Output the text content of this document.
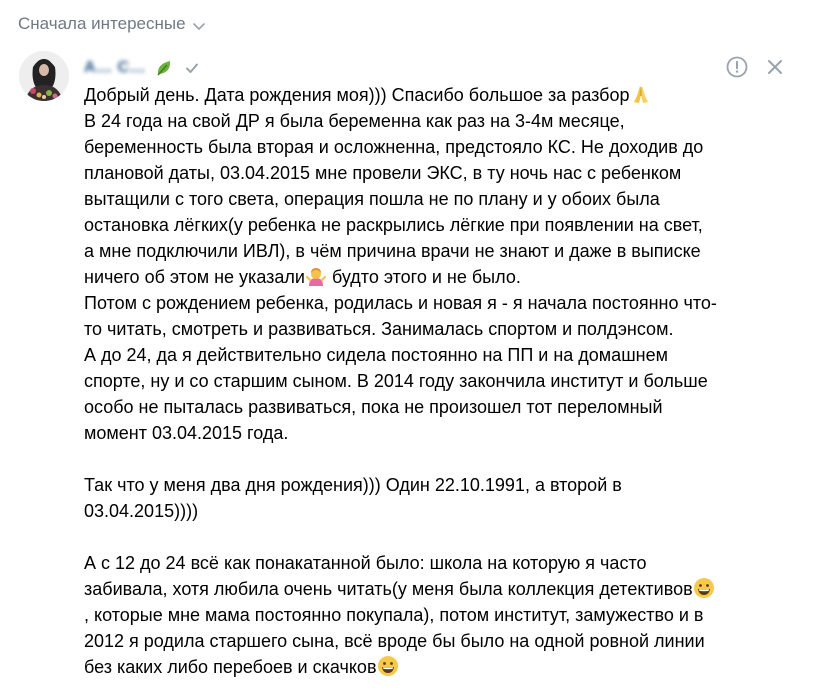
Сначала интересные
А… С…

Добрый день. Дата рождения моя))) Спасибо большое за разбор

В 24 года на свой ДР я была беременна как раз на 3-4м месяце,

беременность была вторая и осложненна, предстояло КС. Не доходив до

плановой даты, 03.04.2015 мне провели ЭКС, в ту ночь нас с ребенком

вытащили с того света, операция пошла не по плану и у обоих была

остановка лёгких(у ребенка не раскрылись лёгкие при появлении на свет,

а мне подключили ИВЛ), в чём причина врачи не знают и даже в выписке

ничего об этом не указали будто этого и не было.

Потом с рождением ребенка, родилась и новая я - я начала постоянно что-

то читать, смотреть и развиваться. Занималась спортом и полдэнсом.

А до 24, да я действительно сидела постоянно на ПП и на домашнем

спорте, ну и со старшим сыном. В 2014 году закончила институт и больше

особо не пыталась развиваться, пока не произошел тот переломный

момент 03.04.2015 года.

Так что у меня два дня рождения))) Один 22.10.1991, а второй в

03.04.2015))))

А с 12 до 24 всё как понакатанной было: школа на которую я часто

забивала, хотя любила очень читать(у меня была коллекция детективов

, которые мне мама постоянно покупала), потом институт, замужество и в

2012 я родила старшего сына, всё вроде бы было на одной ровной линии

без каких либо перебоев и скачков
